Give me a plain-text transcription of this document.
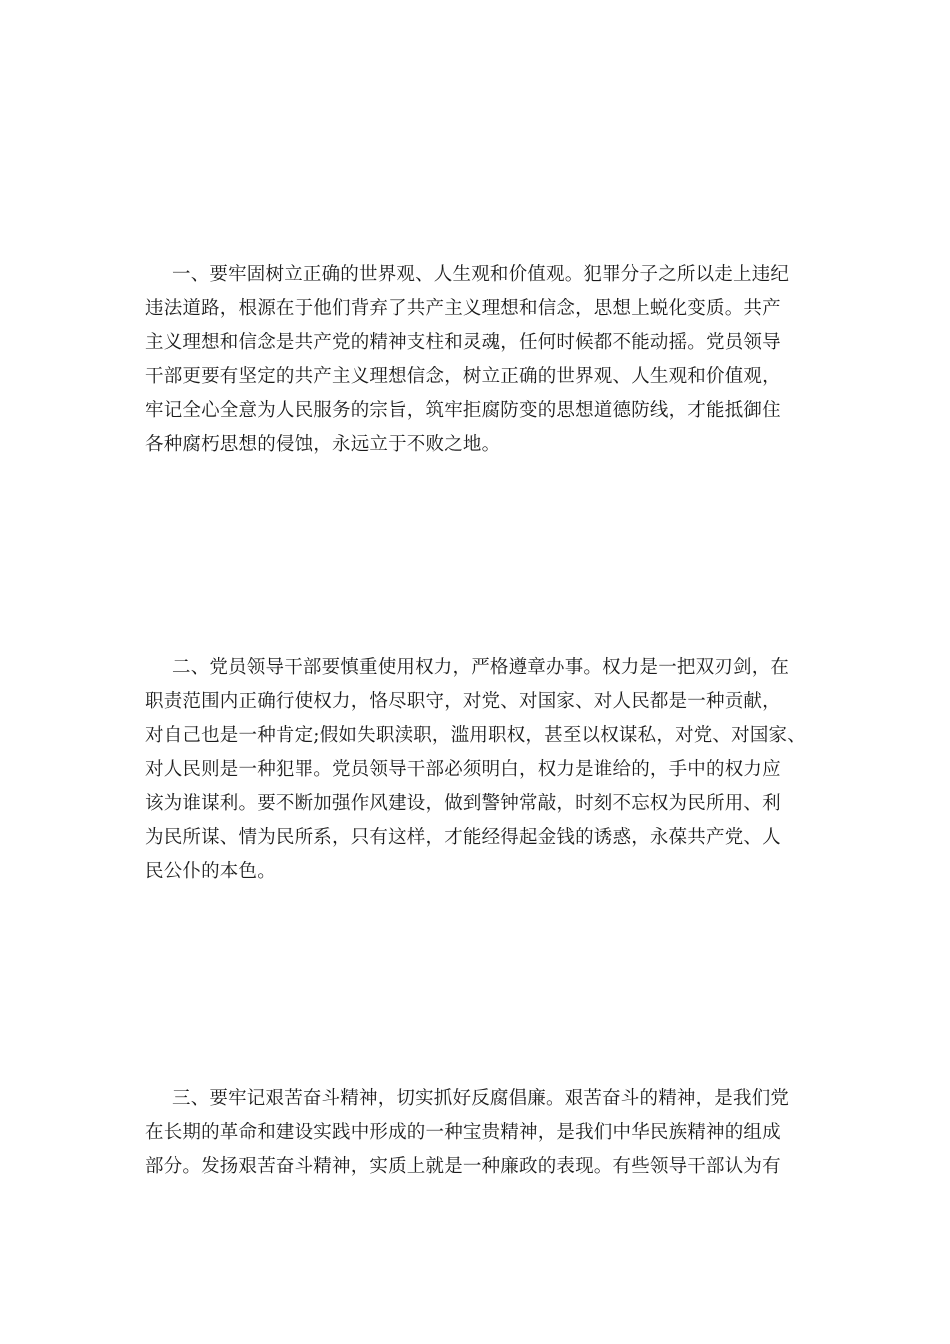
一、要牢固树立正确的世界观、人生观和价值观。犯罪分子之所以走上违纪
违法道路，根源在于他们背弃了共产主义理想和信念，思想上蜕化变质。共产
主义理想和信念是共产党的精神支柱和灵魂，任何时候都不能动摇。党员领导
干部更要有坚定的共产主义理想信念，树立正确的世界观、人生观和价值观，
牢记全心全意为人民服务的宗旨，筑牢拒腐防变的思想道德防线，才能抵御住
各种腐朽思想的侵蚀，永远立于不败之地。
二、党员领导干部要慎重使用权力，严格遵章办事。权力是一把双刃剑，在
职责范围内正确行使权力，恪尽职守，对党、对国家、对人民都是一种贡献，
对自己也是一种肯定;假如失职渎职，滥用职权，甚至以权谋私，对党、对国家、
对人民则是一种犯罪。党员领导干部必须明白，权力是谁给的，手中的权力应
该为谁谋利。要不断加强作风建设，做到警钟常敲，时刻不忘权为民所用、利
为民所谋、情为民所系，只有这样，才能经得起金钱的诱惑，永葆共产党、人
民公仆的本色。
三、要牢记艰苦奋斗精神，切实抓好反腐倡廉。艰苦奋斗的精神，是我们党
在长期的革命和建设实践中形成的一种宝贵精神，是我们中华民族精神的组成
部分。发扬艰苦奋斗精神，实质上就是一种廉政的表现。有些领导干部认为有
